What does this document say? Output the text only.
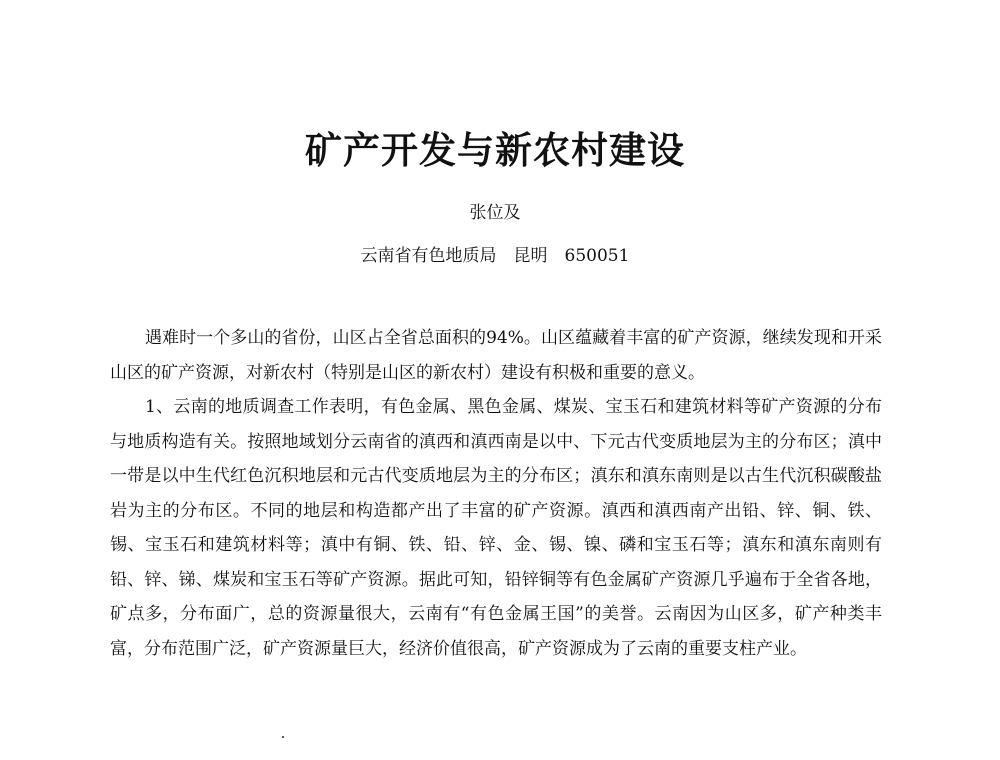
矿产开发与新农村建设
张位及
云南省有色地质局　昆明　650051

遇难时一个多山的省份，山区占全省总面积的94%。山区蕴藏着丰富的矿产资源，继续发现和开采山区的矿产资源，对新农村（特别是山区的新农村）建设有积极和重要的意义。

1、云南的地质调查工作表明，有色金属、黑色金属、煤炭、宝玉石和建筑材料等矿产资源的分布与地质构造有关。按照地域划分云南省的滇西和滇西南是以中、下元古代变质地层为主的分布区；滇中一带是以中生代红色沉积地层和元古代变质地层为主的分布区；滇东和滇东南则是以古生代沉积碳酸盐岩为主的分布区。不同的地层和构造都产出了丰富的矿产资源。滇西和滇西南产出铅、锌、铜、铁、锡、宝玉石和建筑材料等；滇中有铜、铁、铅、锌、金、锡、镍、磷和宝玉石等；滇东和滇东南则有铅、锌、锑、煤炭和宝玉石等矿产资源。据此可知，铅锌铜等有色金属矿产资源几乎遍布于全省各地，矿点多，分布面广，总的资源量很大，云南有“有色金属王国”的美誉。云南因为山区多，矿产种类丰富，分布范围广泛，矿产资源量巨大，经济价值很高，矿产资源成为了云南的重要支柱产业。
